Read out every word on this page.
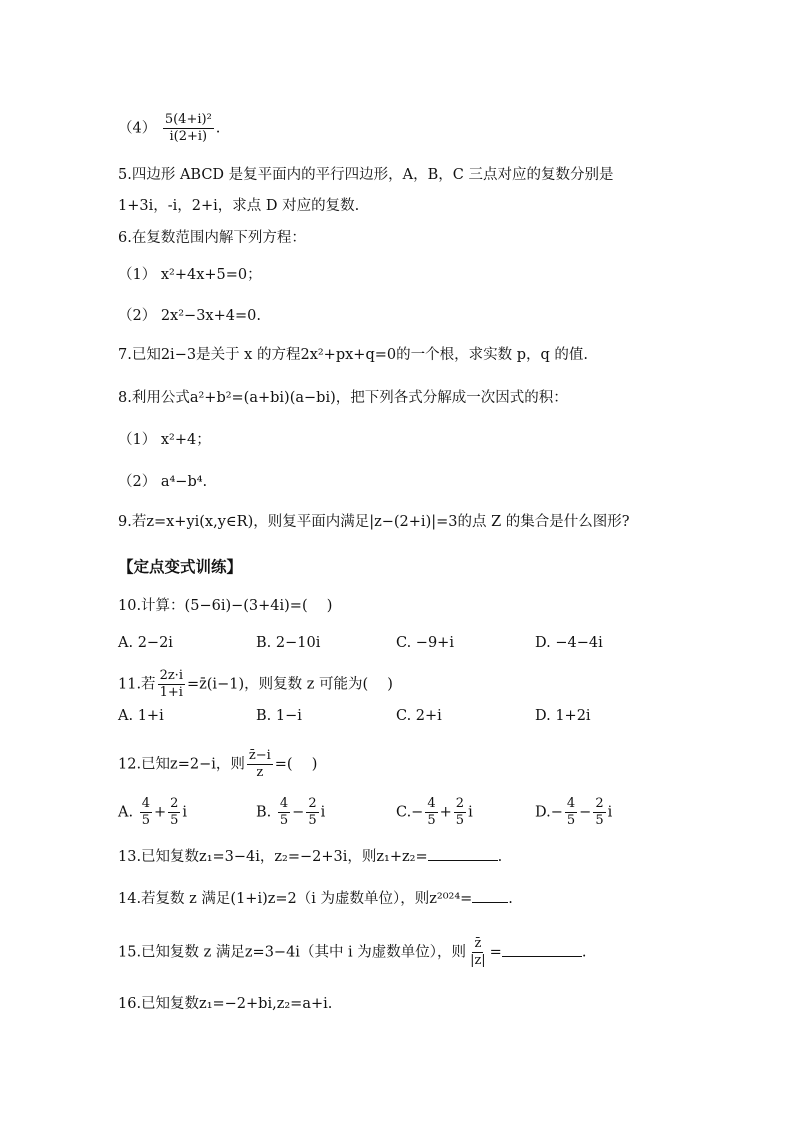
$(4) \frac{\text{5(4+i)²}}{i(2+i)}$ .
5.四边形 ABCD 是复平面内的平行四边形，A，B，C 三点对应的复数分别是
1+3i，-i，2+i，求点 D 对应的复数.
6.在复数范围内解下列方程：
（1） x²+4x+5=0；
（2） 2x²−3x+4=0.
7.已知2i−3是关于 x 的方程2x²+px+q=0的一个根，求实数 p，q 的值.
8.利用公式a²+b²=(a+bi)(a−bi)，把下列各式分解成一次因式的积：
（1） x²+4；
（2） a⁴−b⁴.
9.若z=x+yi(x,y∈R)，则复平面内满足|z−(2+i)|=3的点 Z 的集合是什么图形?
【定点变式训练】
10.计算：(5−6i)−(3+4i)=(　 )
A. 2−2i	B. 2−10i	C. −9+i	D. −4−4i
11.若 $\frac{2z\cdot i}{1+i}$ =z̄(i−1)，则复数 z 可能为(　 )
A. 1+i	B. 1−i	C. 2+i	D. 1+2i
12.已知z=2−i，则 $\frac{z̄-i}{z}$ =(　 )
A. $\frac{4}{5} + \frac{2}{5}$ i	B. $\frac{4}{5} - \frac{2}{5}$ i	$C.- \frac{4}{5} + \frac{2}{5}$ i	$D.- \frac{4}{5} - \frac{2}{5}$ i
13.已知复数z₁=3−4i，z₂=−2+3i，则z₁+z₂=	.
14.若复数 z 满足(1+i)z=2（i 为虚数单位），则z²⁰²⁴= .
15.已知复数 z 满足z=3−4i（其中 i 为虚数单位），则 $\frac{z̄}{|z|}$ =	.
16.已知复数z₁=−2+bi,z₂=a+i.
